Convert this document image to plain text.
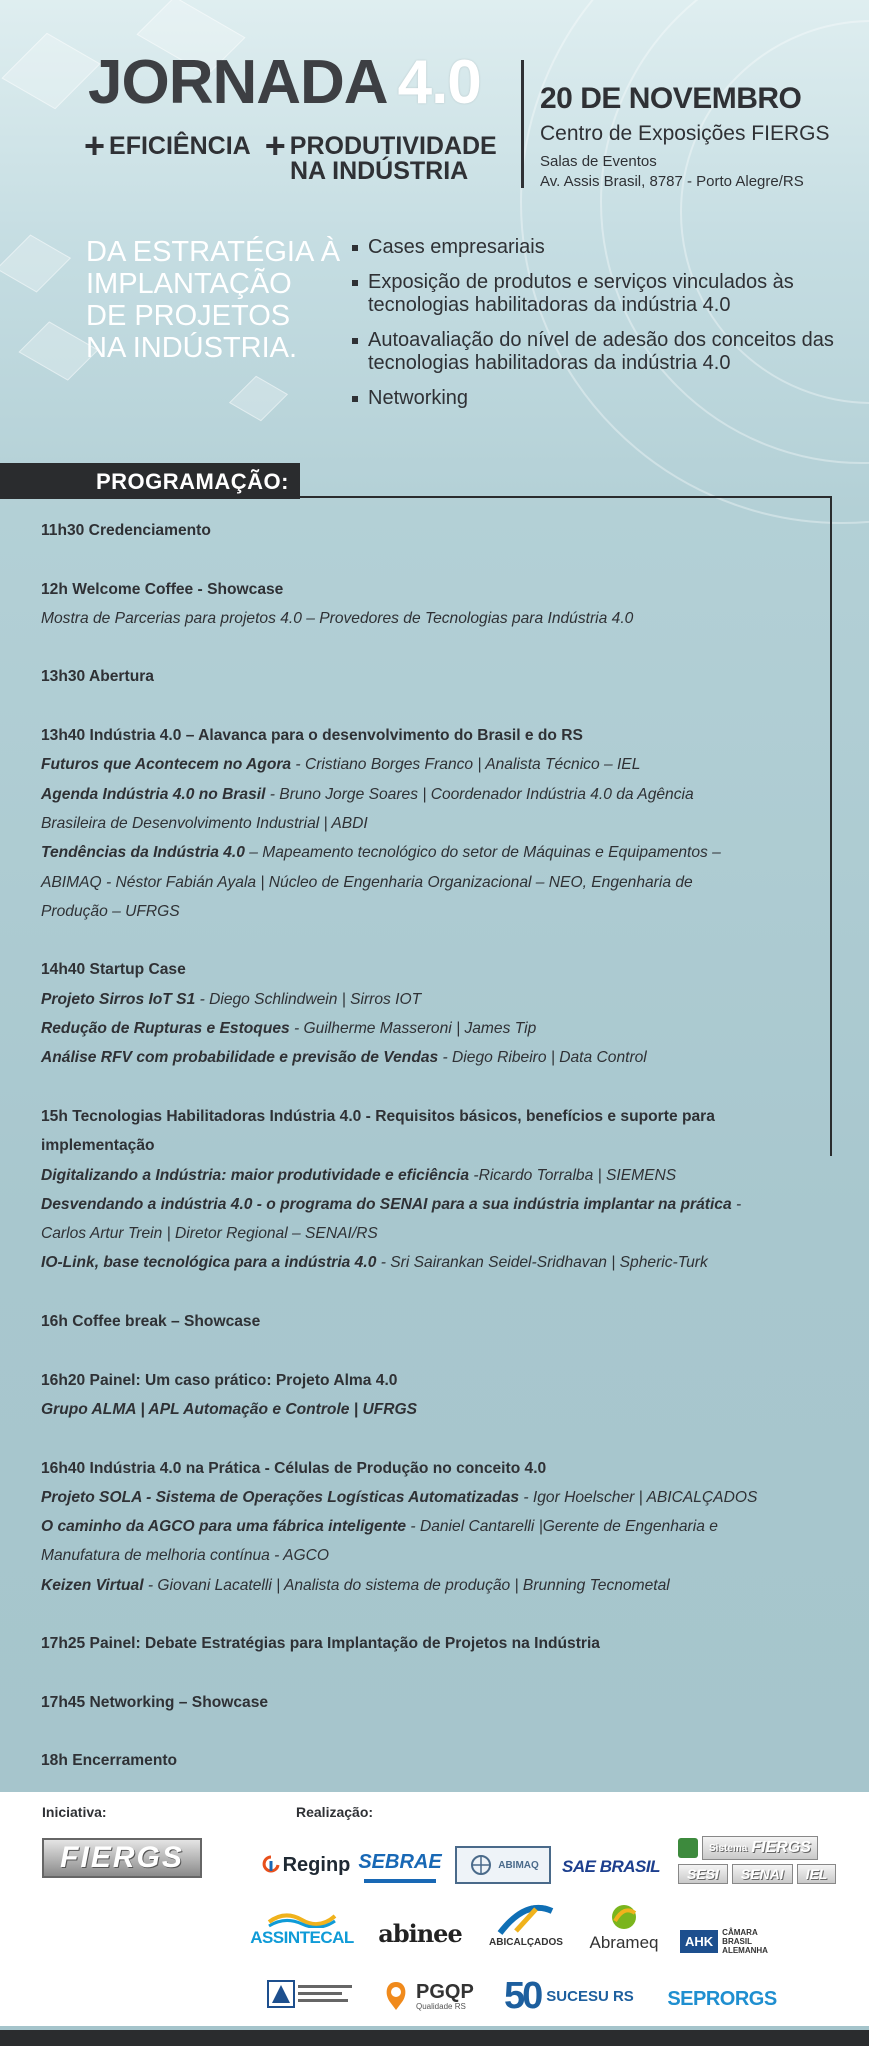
JORNADA 4.0
+ EFICIÊNCIA + PRODUTIVIDADE
NA INDÚSTRIA
20 DE NOVEMBRO
Centro de Exposições FIERGS
Salas de Eventos
Av. Assis Brasil, 8787 - Porto Alegre/RS
DA ESTRATÉGIA À
IMPLANTAÇÃO
DE PROJETOS
NA INDÚSTRIA.
Cases empresariais
Exposição de produtos e serviços vinculados às tecnologias habilitadoras da indústria 4.0
Autoavaliação do nível de adesão dos conceitos das tecnologias habilitadoras da indústria 4.0
Networking
PROGRAMAÇÃO:
11h30 Credenciamento
12h Welcome Coffee - Showcase
Mostra de Parcerias para projetos 4.0 – Provedores de Tecnologias para Indústria 4.0
13h30 Abertura
13h40 Indústria 4.0 – Alavanca para o desenvolvimento do Brasil e do RS
Futuros que Acontecem no Agora - Cristiano Borges Franco | Analista Técnico – IEL
Agenda Indústria 4.0 no Brasil - Bruno Jorge Soares | Coordenador Indústria 4.0 da Agência
Brasileira de Desenvolvimento Industrial | ABDI
Tendências da Indústria 4.0 – Mapeamento tecnológico do setor de Máquinas e Equipamentos –
ABIMAQ - Néstor Fabián Ayala | Núcleo de Engenharia Organizacional – NEO, Engenharia de
Produção – UFRGS
14h40 Startup Case
Projeto Sirros IoT S1 - Diego Schlindwein | Sirros IOT
Redução de Rupturas e Estoques - Guilherme Masseroni | James Tip
Análise RFV com probabilidade e previsão de Vendas - Diego Ribeiro | Data Control
15h Tecnologias Habilitadoras Indústria 4.0 - Requisitos básicos, benefícios e suporte para
implementação
Digitalizando a Indústria: maior produtividade e eficiência -Ricardo Torralba | SIEMENS
Desvendando a indústria 4.0 - o programa do SENAI para a sua indústria implantar na prática -
Carlos Artur Trein | Diretor Regional – SENAI/RS
IO-Link, base tecnológica para a indústria 4.0 - Sri Sairankan Seidel-Sridhavan | Spheric-Turk
16h Coffee break – Showcase
16h20 Painel: Um caso prático: Projeto Alma 4.0
Grupo ALMA | APL Automação e Controle | UFRGS
16h40 Indústria 4.0 na Prática - Células de Produção no conceito 4.0
Projeto SOLA - Sistema de Operações Logísticas Automatizadas - Igor Hoelscher | ABICALÇADOS
O caminho da AGCO para uma fábrica inteligente - Daniel Cantarelli |Gerente de Engenharia e
Manufatura de melhoria contínua - AGCO
Keizen Virtual - Giovani Lacatelli | Analista do sistema de produção | Brunning Tecnometal
17h25 Painel: Debate Estratégias para Implantação de Projetos na Indústria
17h45 Networking – Showcase
18h Encerramento
Iniciativa:	Realização:
FIERGS	Reginp SEBRAE	ABIMAQ SAE BRASIL
Sistema FIERGS
SESI	SENAI	IEL
ASSINTECAL abinee	ABICALÇADOS Abrameq	AHK
CÂMARA
BRASIL
ALEMANHA
PGQP
Qualidade RS 50 SUCESU RS SEPRORGS
